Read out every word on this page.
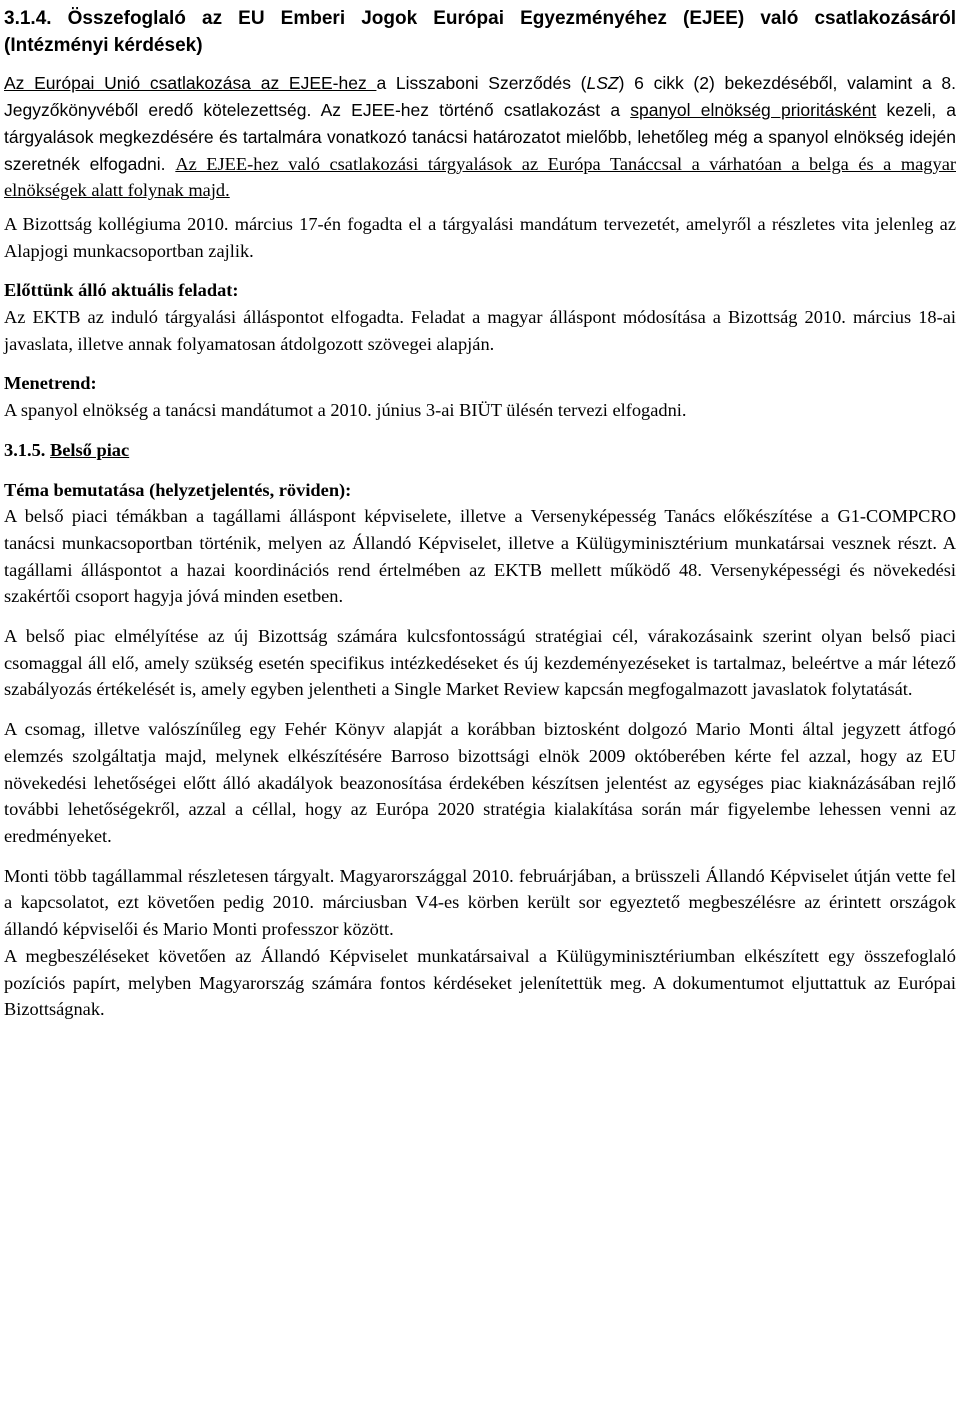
3.1.4. Összefoglaló az EU Emberi Jogok Európai Egyezményéhez (EJEE) való csatlakozásáról (Intézményi kérdések)

Az Európai Unió csatlakozása az EJEE-hez a Lisszaboni Szerződés (LSZ) 6 cikk (2) bekezdéséből, valamint a 8. Jegyzőkönyvéből eredő kötelezettség. Az EJEE-hez történő csatlakozást a spanyol elnökség prioritásként kezeli, a tárgyalások megkezdésére és tartalmára vonatkozó tanácsi határozatot mielőbb, lehetőleg még a spanyol elnökség idején szeretnék elfogadni. Az EJEE-hez való csatlakozási tárgyalások az Európa Tanáccsal a várhatóan a belga és a magyar elnökségek alatt folynak majd.

A Bizottság kollégiuma 2010. március 17-én fogadta el a tárgyalási mandátum tervezetét, amelyről a részletes vita jelenleg az Alapjogi munkacsoportban zajlik.

Előttünk álló aktuális feladat:

Az EKTB az induló tárgyalási álláspontot elfogadta. Feladat a magyar álláspont módosítása a Bizottság 2010. március 18-ai javaslata, illetve annak folyamatosan átdolgozott szövegei alapján.

Menetrend:

A spanyol elnökség a tanácsi mandátumot a 2010. június 3-ai BIÜT ülésén tervezi elfogadni.

3.1.5. Belső piac

Téma bemutatása (helyzetjelentés, röviden):

A belső piaci témákban a tagállami álláspont képviselete, illetve a Versenyképesség Tanács előkészítése a G1-COMPCRO tanácsi munkacsoportban történik, melyen az Állandó Képviselet, illetve a Külügyminisztérium munkatársai vesznek részt. A tagállami álláspontot a hazai koordinációs rend értelmében az EKTB mellett működő 48. Versenyképességi és növekedési szakértői csoport hagyja jóvá minden esetben.

A belső piac elmélyítése az új Bizottság számára kulcsfontosságú stratégiai cél, várakozásaink szerint olyan belső piaci csomaggal áll elő, amely szükség esetén specifikus intézkedéseket és új kezdeményezéseket is tartalmaz, beleértve a már létező szabályozás értékelését is, amely egyben jelentheti a Single Market Review kapcsán megfogalmazott javaslatok folytatását.

A csomag, illetve valószínűleg egy Fehér Könyv alapját a korábban biztosként dolgozó Mario Monti által jegyzett átfogó elemzés szolgáltatja majd, melynek elkészítésére Barroso bizottsági elnök 2009 októberében kérte fel azzal, hogy az EU növekedési lehetőségei előtt álló akadályok beazonosítása érdekében készítsen jelentést az egységes piac kiaknázásában rejlő további lehetőségekről, azzal a céllal, hogy az Európa 2020 stratégia kialakítása során már figyelembe lehessen venni az eredményeket.

Monti több tagállammal részletesen tárgyalt. Magyarországgal 2010. februárjában, a brüsszeli Állandó Képviselet útján vette fel a kapcsolatot, ezt követően pedig 2010. márciusban V4-es körben került sor egyeztető megbeszélésre az érintett országok állandó képviselői és Mario Monti professzor között.

A megbeszéléseket követően az Állandó Képviselet munkatársaival a Külügyminisztériumban elkészített egy összefoglaló pozíciós papírt, melyben Magyarország számára fontos kérdéseket jelenítettük meg. A dokumentumot eljuttattuk az Európai Bizottságnak.
